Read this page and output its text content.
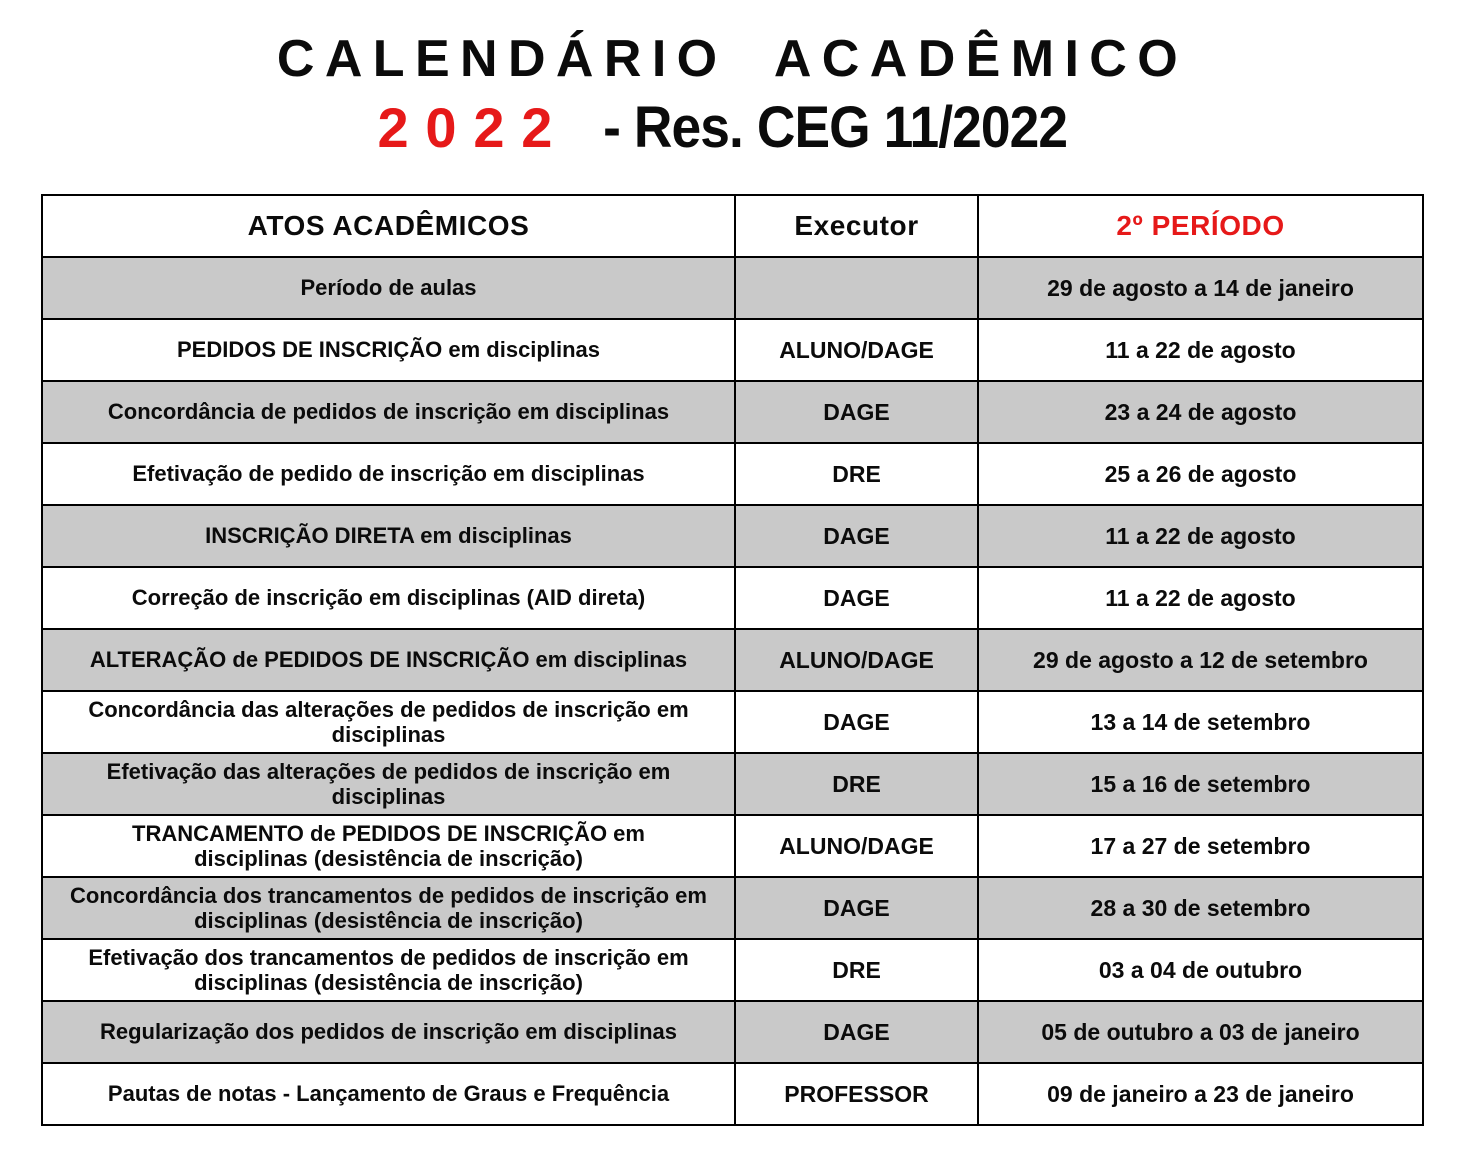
CALENDÁRIO ACADÊMICO
2022 - Res. CEG 11/2022
ATOS ACADÊMICOS	Executor	2º PERÍODO
Período de aulas		29 de agosto a 14 de janeiro
PEDIDOS DE INSCRIÇÃO em disciplinas	ALUNO/DAGE	11 a 22 de agosto
Concordância de pedidos de inscrição em disciplinas	DAGE	23 a 24 de agosto
Efetivação de pedido de inscrição em disciplinas	DRE	25 a 26 de agosto
INSCRIÇÃO DIRETA em disciplinas	DAGE	11 a 22 de agosto
Correção de inscrição em disciplinas (AID direta)	DAGE	11 a 22 de agosto
ALTERAÇÃO de PEDIDOS DE INSCRIÇÃO em disciplinas	ALUNO/DAGE	29 de agosto a 12 de setembro
Concordância das alterações de pedidos de inscrição em disciplinas	DAGE	13 a 14 de setembro
Efetivação das alterações de pedidos de inscrição em disciplinas	DRE	15 a 16 de setembro
TRANCAMENTO de PEDIDOS DE INSCRIÇÃO em disciplinas (desistência de inscrição)	ALUNO/DAGE	17 a 27 de setembro
Concordância dos trancamentos de pedidos de inscrição em disciplinas (desistência de inscrição)	DAGE	28 a 30 de setembro
Efetivação dos trancamentos de pedidos de inscrição em disciplinas (desistência de inscrição)	DRE	03 a 04 de outubro
Regularização dos pedidos de inscrição em disciplinas	DAGE	05 de outubro a 03 de janeiro
Pautas de notas - Lançamento de Graus e Frequência	PROFESSOR	09 de janeiro a 23 de janeiro
